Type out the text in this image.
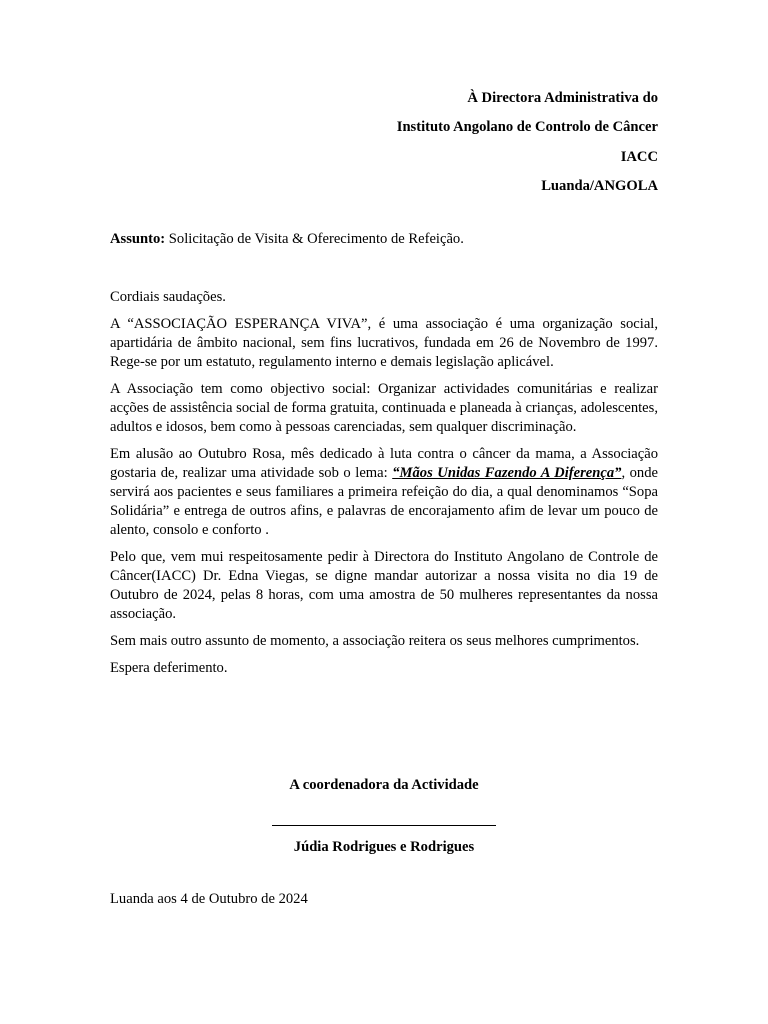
À Directora Administrativa do
Instituto Angolano de Controlo de Câncer
IACC
Luanda/ANGOLA
Assunto: Solicitação de Visita & Oferecimento de Refeição.

Cordiais saudações.

A “ASSOCIAÇÃO ESPERANÇA VIVA”, é uma associação é uma organização social, apartidária de âmbito nacional, sem fins lucrativos, fundada em 26 de Novembro de 1997. Rege-se por um estatuto, regulamento interno e demais legislação aplicável.

A Associação tem como objectivo social: Organizar actividades comunitárias e realizar acções de assistência social de forma gratuita, continuada e planeada à crianças, adolescentes, adultos e idosos, bem como à pessoas carenciadas, sem qualquer discriminação.

Em alusão ao Outubro Rosa, mês dedicado à luta contra o câncer da mama, a Associação gostaria de, realizar uma atividade sob o lema: “Mãos Unidas Fazendo A Diferença”, onde servirá aos pacientes e seus familiares a primeira refeição do dia, a qual denominamos “Sopa Solidária” e entrega de outros afins, e palavras de encorajamento afim de levar um pouco de alento, consolo e conforto .

Pelo que, vem mui respeitosamente pedir à Directora do Instituto Angolano de Controle de Câncer(IACC) Dr. Edna Viegas, se digne mandar autorizar a nossa visita no dia 19 de Outubro de 2024, pelas 8 horas, com uma amostra de 50 mulheres representantes da nossa associação.

Sem mais outro assunto de momento, a associação reitera os seus melhores cumprimentos.

Espera deferimento.

A coordenadora da Actividade
Júdia Rodrigues e Rodrigues
Luanda aos 4 de Outubro de 2024
